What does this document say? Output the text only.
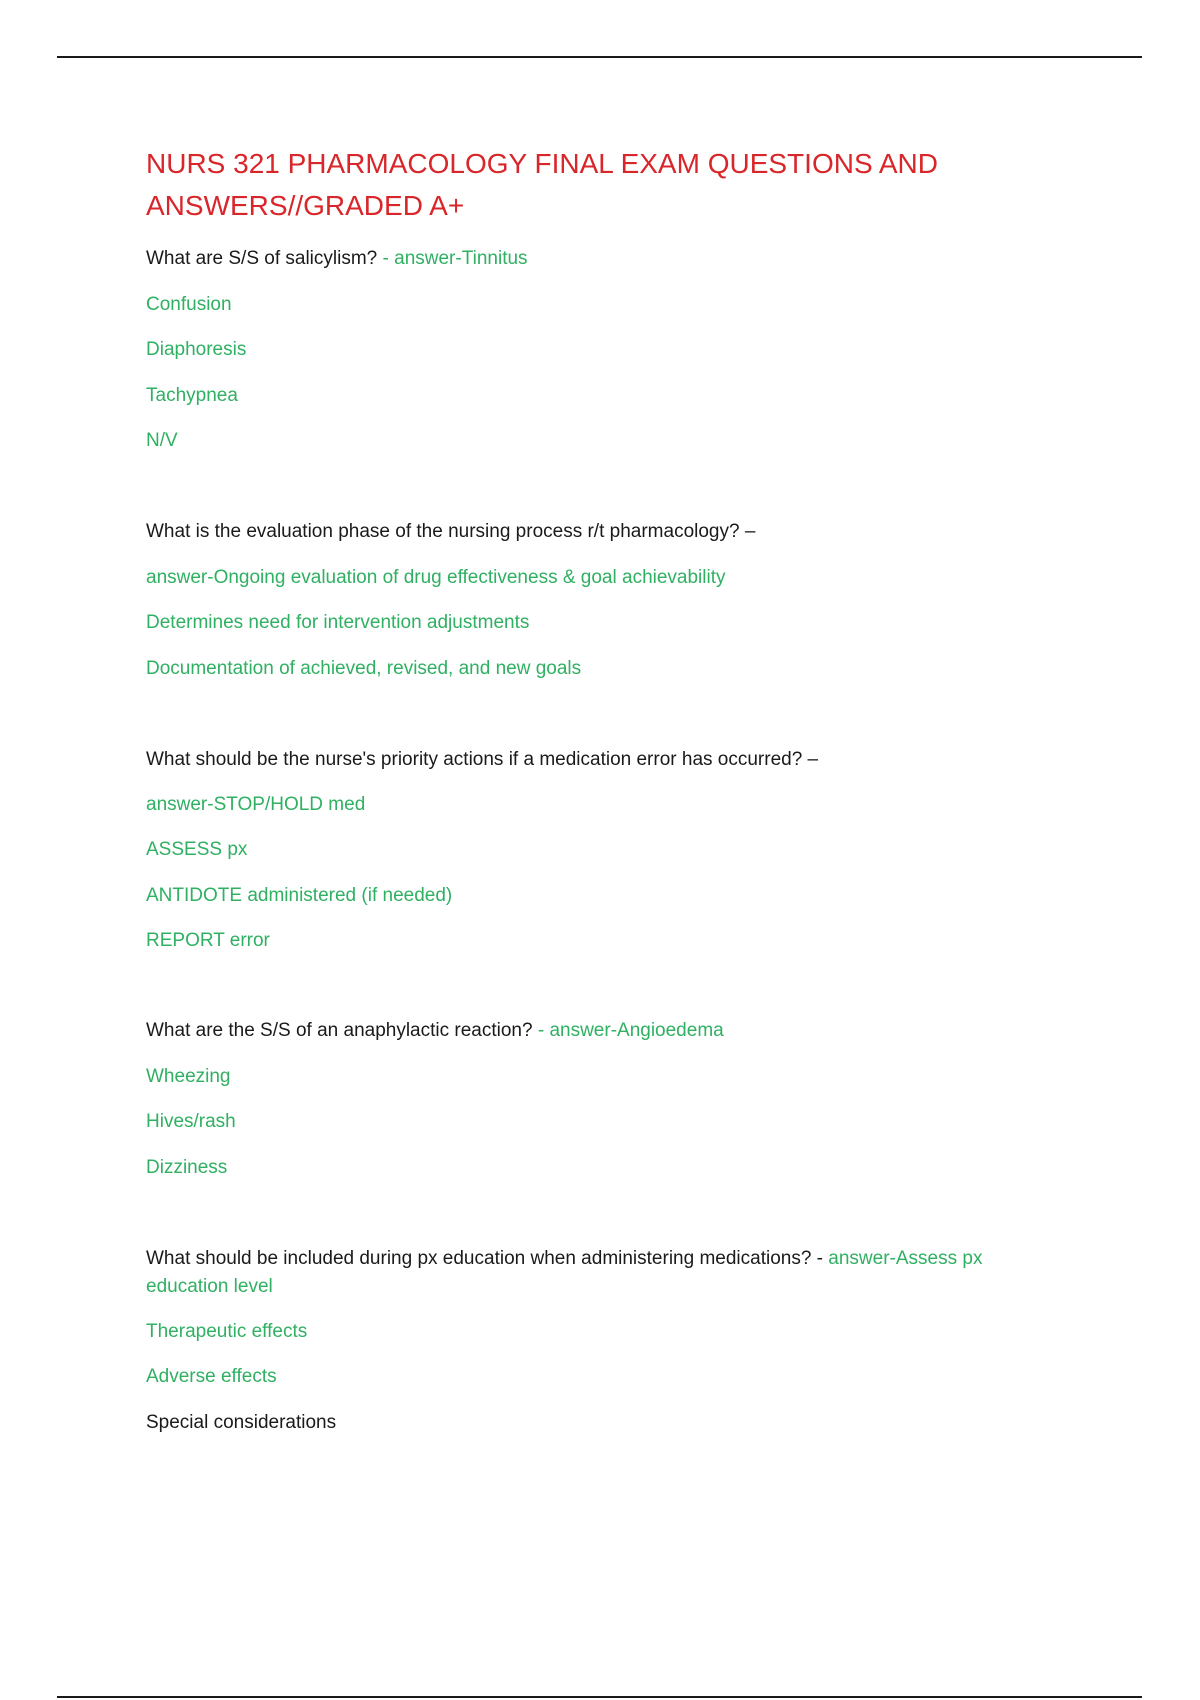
NURS 321 PHARMACOLOGY FINAL EXAM QUESTIONS AND ANSWERS//GRADED A+
What are S/S of salicylism? - answer-Tinnitus
Confusion
Diaphoresis
Tachypnea
N/V
What is the evaluation phase of the nursing process r/t pharmacology? –
answer-Ongoing evaluation of drug effectiveness & goal achievability
Determines need for intervention adjustments
Documentation of achieved, revised, and new goals
What should be the nurse's priority actions if a medication error has occurred? –
answer-STOP/HOLD med
ASSESS px
ANTIDOTE administered (if needed)
REPORT error
What are the S/S of an anaphylactic reaction? - answer-Angioedema
Wheezing
Hives/rash
Dizziness
What should be included during px education when administering medications? - answer-Assess px education level
Therapeutic effects
Adverse effects
Special considerations
